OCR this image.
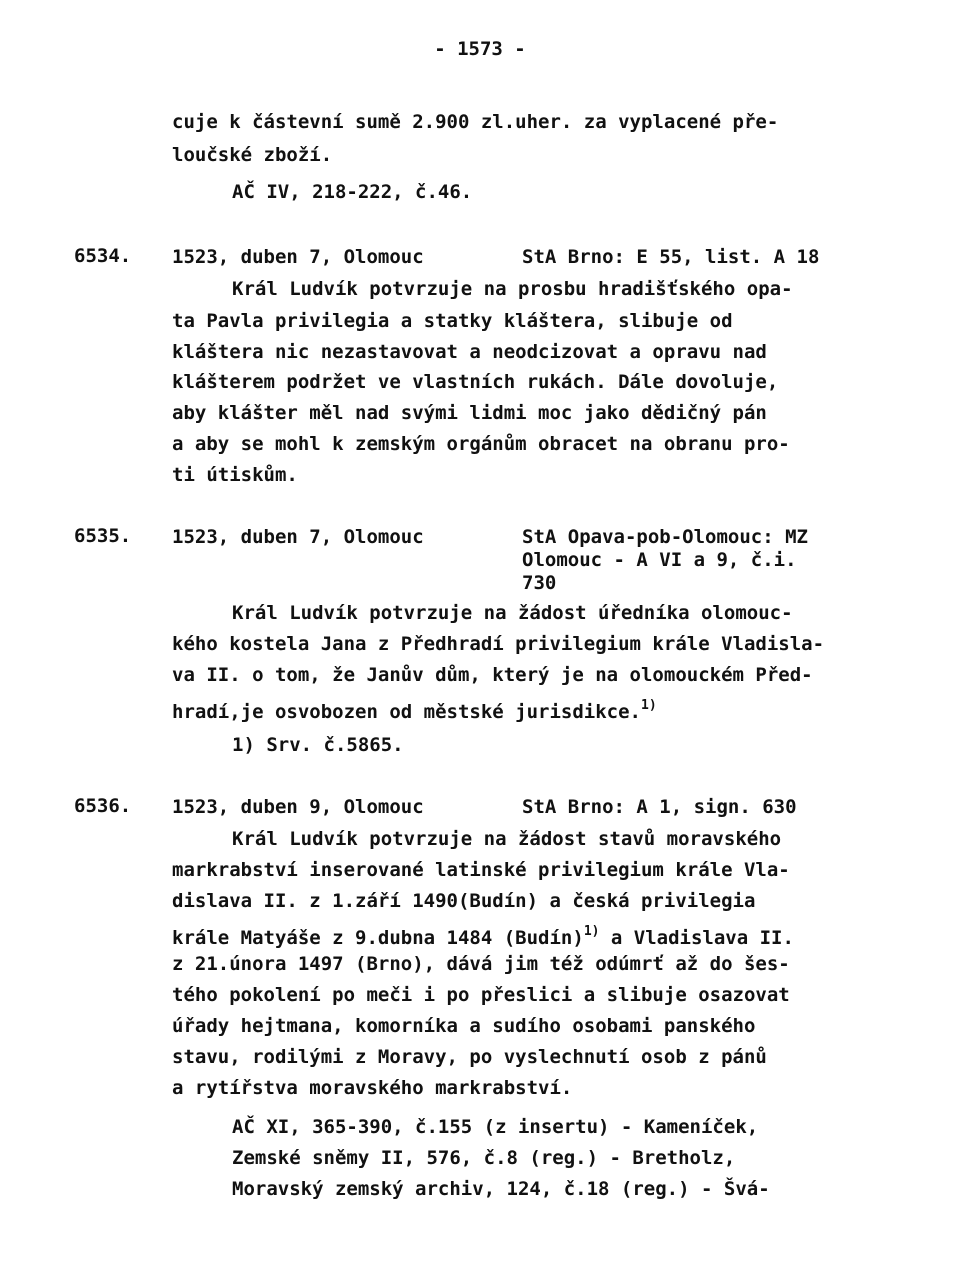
- 1573 -
cuje k částevní sumě 2.900 zl.uher. za vyplacené pře-
loučské zboží.
AČ IV, 218-222, č.46.
6534. 1523, duben 7, Olomouc	StA Brno: E 55, list. A 18
Král Ludvík potvrzuje na prosbu hradišťského opa-
ta Pavla privilegia a statky kláštera, slibuje od
kláštera nic nezastavovat a neodcizovat a opravu nad
klášterem podržet ve vlastních rukách. Dále dovoluje,
aby klášter měl nad svými lidmi moc jako dědičný pán
a aby se mohl k zemským orgánům obracet na obranu pro-
ti útiskům.
6535. 1523, duben 7, Olomouc	StA Opava-pob-Olomouc: MZ
Olomouc - A VI a 9, č.i.
730
Král Ludvík potvrzuje na žádost úředníka olomouc-
kého kostela Jana z Předhradí privilegium krále Vladisla-
va II. o tom, že Janův dům, který je na olomouckém Před-
hradí,je osvobozen od městské jurisdikce.$^{1)}$
1) Srv. č.5865.
6536. 1523, duben 9, Olomouc	StA Brno: A 1, sign. 630
Král Ludvík potvrzuje na žádost stavů moravského
markrabství inserované latinské privilegium krále Vla-
dislava II. z 1.září 1490(Budín) a česká privilegia
krále Matyáše z 9.dubna 1484 (Budín)$^{1)}$ a Vladislava II.
z 21.února 1497 (Brno), dává jim též odúmrť až do šes-
tého pokolení po meči i po přeslici a slibuje osazovat
úřady hejtmana, komorníka a sudího osobami panského
stavu, rodilými z Moravy, po vyslechnutí osob z pánů
a rytířstva moravského markrabství.
AČ XI, 365-390, č.155 (z insertu) - Kameníček,
Zemské sněmy II, 576, č.8 (reg.) - Bretholz,
Moravský zemský archiv, 124, č.18 (reg.) - Švá-
